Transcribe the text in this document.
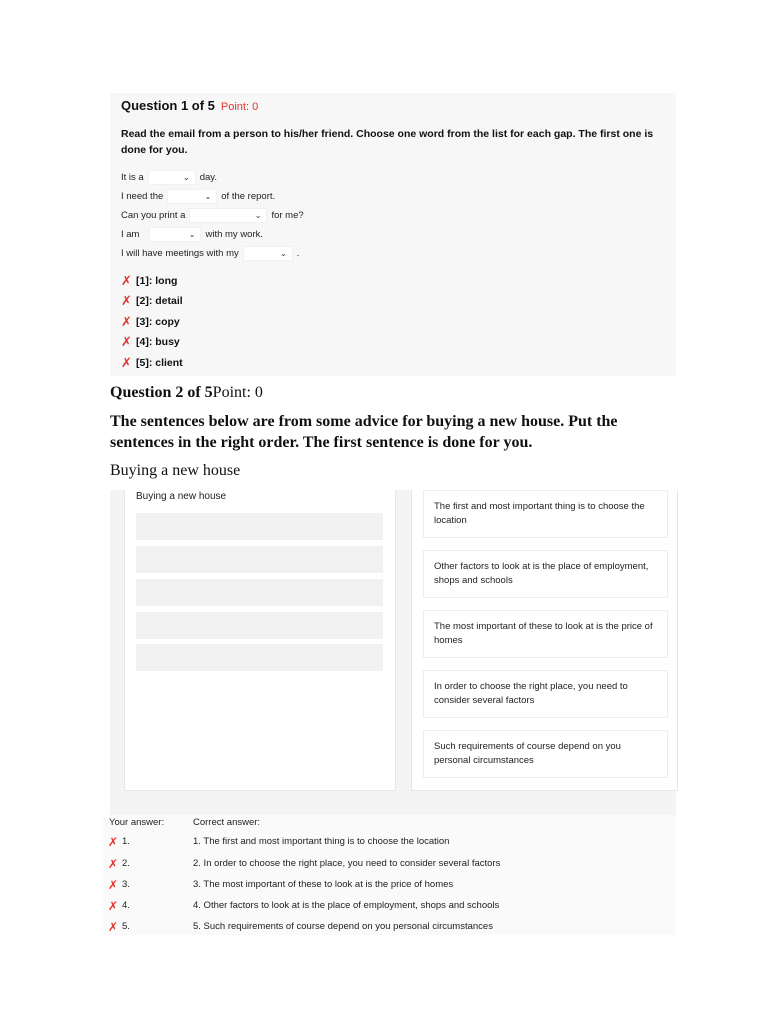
Question 1 of 5 Point: 0
Read the email from a person to his/her friend. Choose one word from the list for each gap. The first one is done for you.
It is a	⌄ day.
I need the	⌄ of the report.
Can you print a	⌄ for me?
I am	⌄ with my work.
I will have meetings with my	⌄ .
✗ [1]: long
✗ [2]: detail
✗ [3]: copy
✗ [4]: busy
✗ [5]: client
Question 2 of 5Point: 0
The sentences below are from some advice for buying a new house. Put the sentences in the right order. The first sentence is done for you.
Buying a new house
Buying a new house
The first and most important thing is to choose the location
Other factors to look at is the place of employment, shops and schools
The most important of these to look at is the price of homes
In order to choose the right place, you need to consider several factors
Such requirements of course depend on you personal circumstances
Your answer:	Correct answer:
✗ 1.	1. The first and most important thing is to choose the location
✗ 2.	2. In order to choose the right place, you need to consider several factors
✗ 3.	3. The most important of these to look at is the price of homes
✗ 4.	4. Other factors to look at is the place of employment, shops and schools
✗ 5.	5. Such requirements of course depend on you personal circumstances
